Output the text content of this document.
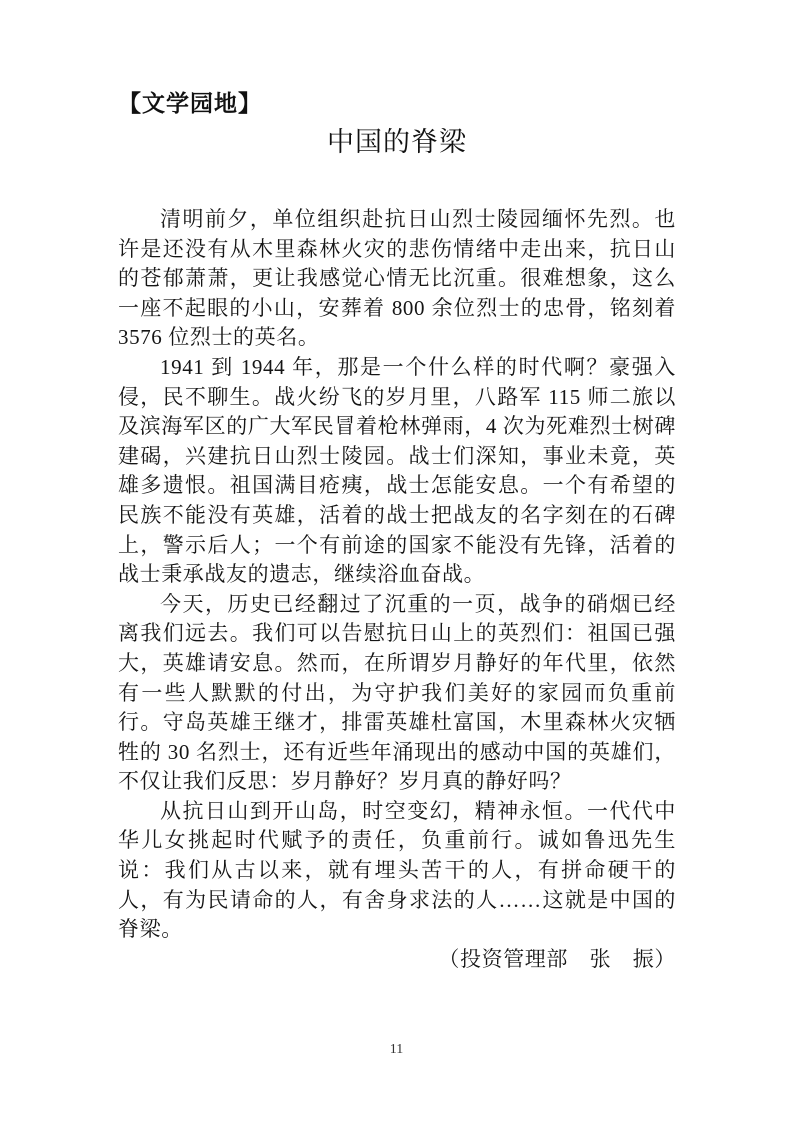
【文学园地】
中国的脊梁

清明前夕，单位组织赴抗日山烈士陵园缅怀先烈。也许是还没有从木里森林火灾的悲伤情绪中走出来，抗日山的苍郁萧萧，更让我感觉心情无比沉重。很难想象，这么一座不起眼的小山，安葬着 800 余位烈士的忠骨，铭刻着 3576 位烈士的英名。

1941 到 1944 年，那是一个什么样的时代啊？豪强入侵，民不聊生。战火纷飞的岁月里，八路军 115 师二旅以及滨海军区的广大军民冒着枪林弹雨，4 次为死难烈士树碑建碣，兴建抗日山烈士陵园。战士们深知，事业未竟，英雄多遗恨。祖国满目疮痍，战士怎能安息。一个有希望的民族不能没有英雄，活着的战士把战友的名字刻在的石碑上，警示后人；一个有前途的国家不能没有先锋，活着的战士秉承战友的遗志，继续浴血奋战。

今天，历史已经翻过了沉重的一页，战争的硝烟已经离我们远去。我们可以告慰抗日山上的英烈们：祖国已强大，英雄请安息。然而，在所谓岁月静好的年代里，依然有一些人默默的付出，为守护我们美好的家园而负重前行。守岛英雄王继才，排雷英雄杜富国，木里森林火灾牺牲的 30 名烈士，还有近些年涌现出的感动中国的英雄们，不仅让我们反思：岁月静好？岁月真的静好吗？

从抗日山到开山岛，时空变幻，精神永恒。一代代中华儿女挑起时代赋予的责任，负重前行。诚如鲁迅先生说：我们从古以来，就有埋头苦干的人，有拼命硬干的人，有为民请命的人，有舍身求法的人……这就是中国的脊梁。

（投资管理部　张　振）
11
